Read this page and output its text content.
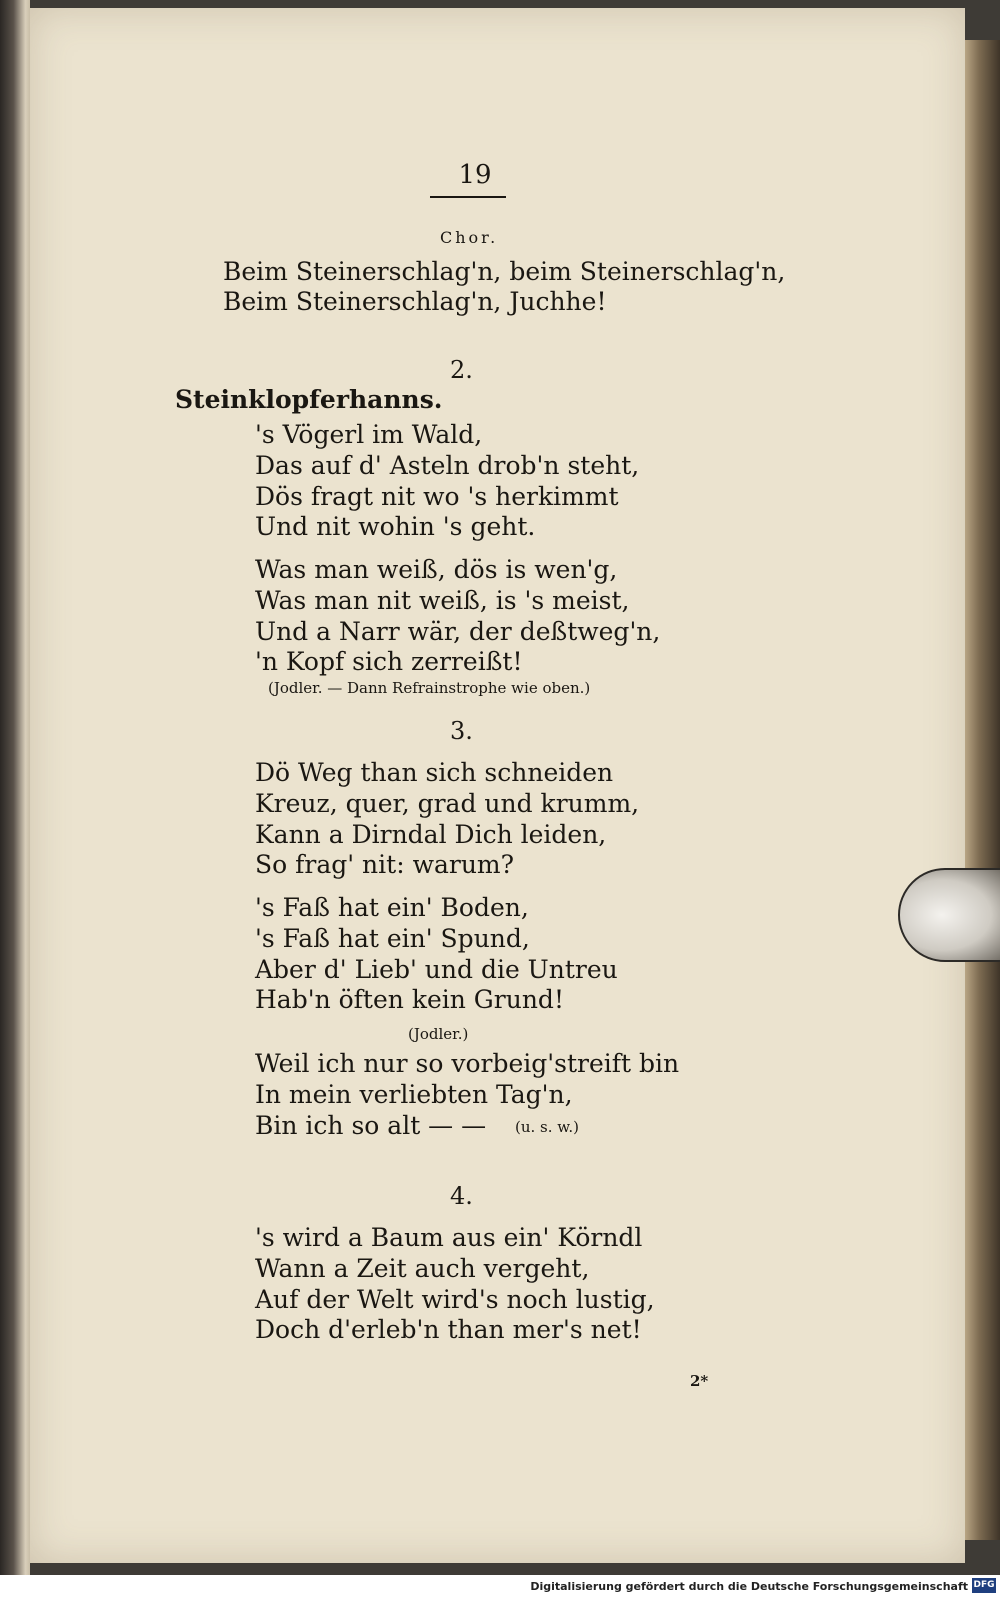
19
Chor.
Beim Steinerschlag'n, beim Steinerschlag'n,
Beim Steinerschlag'n, Juchhe!
2.
Steinklopferhanns.
's Vögerl im Wald,
Das auf d' Asteln drob'n steht,
Dös fragt nit wo 's herkimmt
Und nit wohin 's geht.
Was man weiß, dös is wen'g,
Was man nit weiß, is 's meist,
Und a Narr wär, der deßtweg'n,
'n Kopf sich zerreißt!
(Jodler. — Dann Refrainstrophe wie oben.)
3.
Dö Weg than sich schneiden
Kreuz, quer, grad und krumm,
Kann a Dirndal Dich leiden,
So frag' nit: warum?
's Faß hat ein' Boden,
's Faß hat ein' Spund,
Aber d' Lieb' und die Untreu
Hab'n öften kein Grund!
(Jodler.)
Weil ich nur so vorbeig'streift bin
In mein verliebten Tag'n,
Bin ich so alt — — (u. s. w.)
4.
's wird a Baum aus ein' Körndl
Wann a Zeit auch vergeht,
Auf der Welt wird's noch lustig,
Doch d'erleb'n than mer's net!
2*
Digitalisierung gefördert durch die Deutsche Forschungsgemeinschaft DFG
